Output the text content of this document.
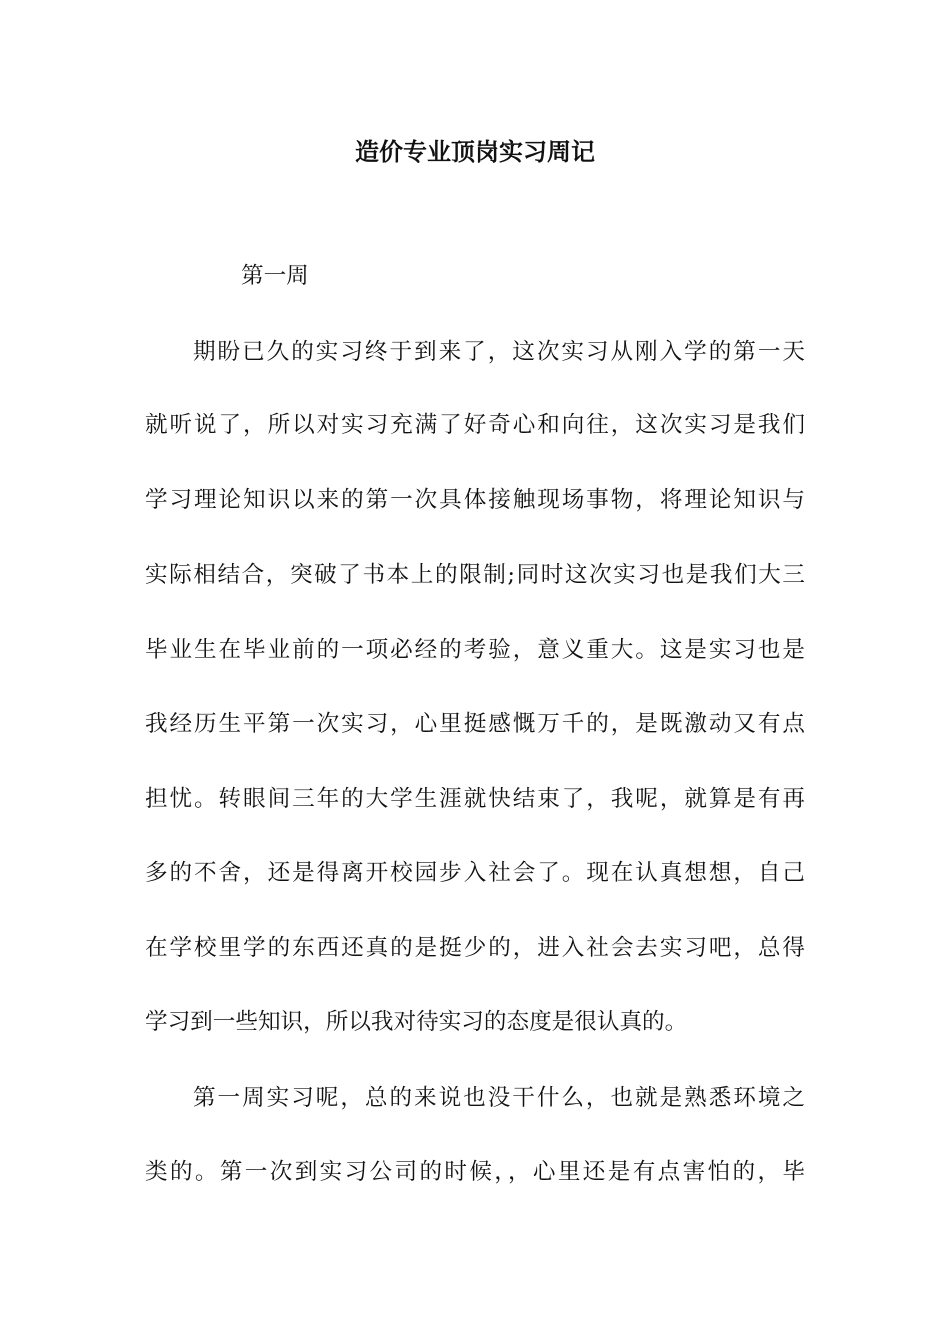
造价专业顶岗实习周记
第一周
期盼已久的实习终于到来了，这次实习从刚入学的第一天
就听说了，所以对实习充满了好奇心和向往，这次实习是我们
学习理论知识以来的第一次具体接触现场事物，将理论知识与
实际相结合，突破了书本上的限制;同时这次实习也是我们大三
毕业生在毕业前的一项必经的考验，意义重大。这是实习也是
我经历生平第一次实习，心里挺感慨万千的，是既激动又有点
担忧。转眼间三年的大学生涯就快结束了，我呢，就算是有再
多的不舍，还是得离开校园步入社会了。现在认真想想，自己
在学校里学的东西还真的是挺少的，进入社会去实习吧，总得
学习到一些知识，所以我对待实习的态度是很认真的。
第一周实习呢，总的来说也没干什么，也就是熟悉环境之
类的。第一次到实习公司的时候，，心里还是有点害怕的，毕
